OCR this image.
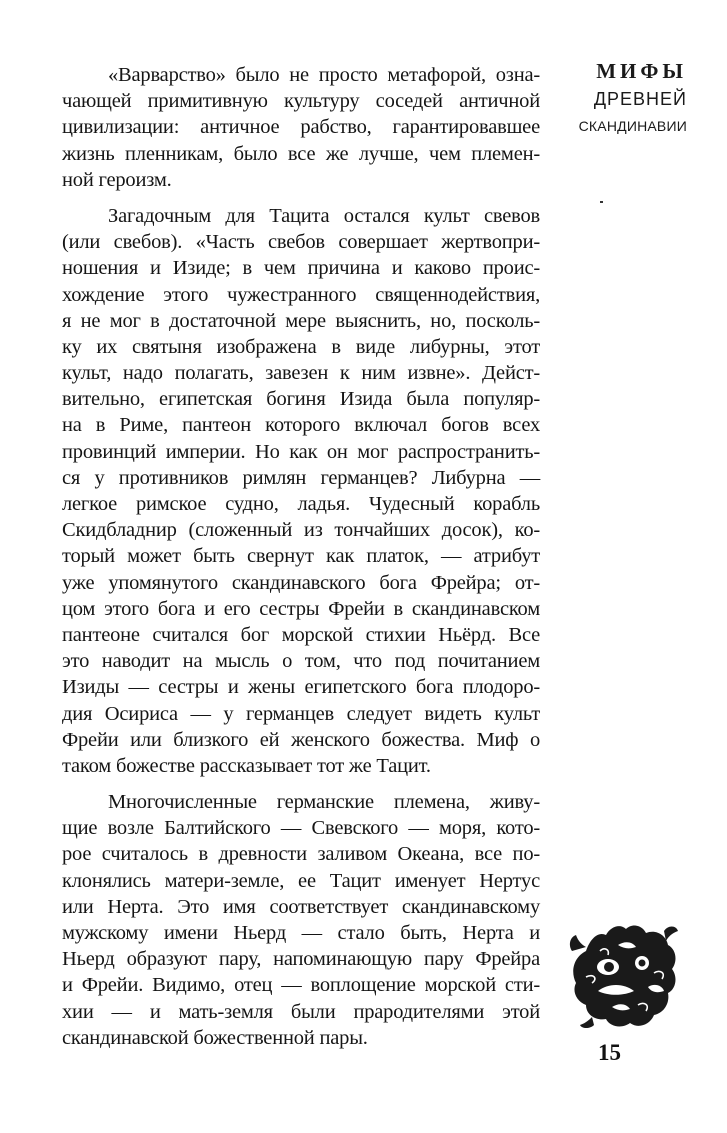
МИФЫ
ДРЕВНЕЙ
СКАНДИНАВИИ
«Варварство» было не просто метафорой, озна-
чающей примитивную культуру соседей античной
цивилизации: античное рабство, гарантировавшее
жизнь пленникам, было все же лучше, чем племен-
ной героизм.
Загадочным для Тацита остался культ свевов
(или свебов). «Часть свебов совершает жертвопри-
ношения и Изиде; в чем причина и каково проис-
хождение этого чужестранного священнодействия,
я не мог в достаточной мере выяснить, но, посколь-
ку их святыня изображена в виде либурны, этот
культ, надо полагать, завезен к ним извне». Дейст-
вительно, египетская богиня Изида была популяр-
на в Риме, пантеон которого включал богов всех
провинций империи. Но как он мог распространить-
ся у противников римлян германцев? Либурна —
легкое римское судно, ладья. Чудесный корабль
Скидбладнир (сложенный из тончайших досок), ко-
торый может быть свернут как платок, — атрибут
уже упомянутого скандинавского бога Фрейра; от-
цом этого бога и его сестры Фрейи в скандинавском
пантеоне считался бог морской стихии Ньёрд. Все
это наводит на мысль о том, что под почитанием
Изиды — сестры и жены египетского бога плодоро-
дия Осириса — у германцев следует видеть культ
Фрейи или близкого ей женского божества. Миф о
таком божестве рассказывает тот же Тацит.
Многочисленные германские племена, живу-
щие возле Балтийского — Свевского — моря, кото-
рое считалось в древности заливом Океана, все по-
клонялись матери-земле, ее Тацит именует Нертус
или Нерта. Это имя соответствует скандинавскому
мужскому имени Ньерд — стало быть, Нерта и
Ньерд образуют пару, напоминающую пару Фрейра
и Фрейи. Видимо, отец — воплощение морской сти-
хии — и мать-земля были прародителями этой
скандинавской божественной пары.
15
